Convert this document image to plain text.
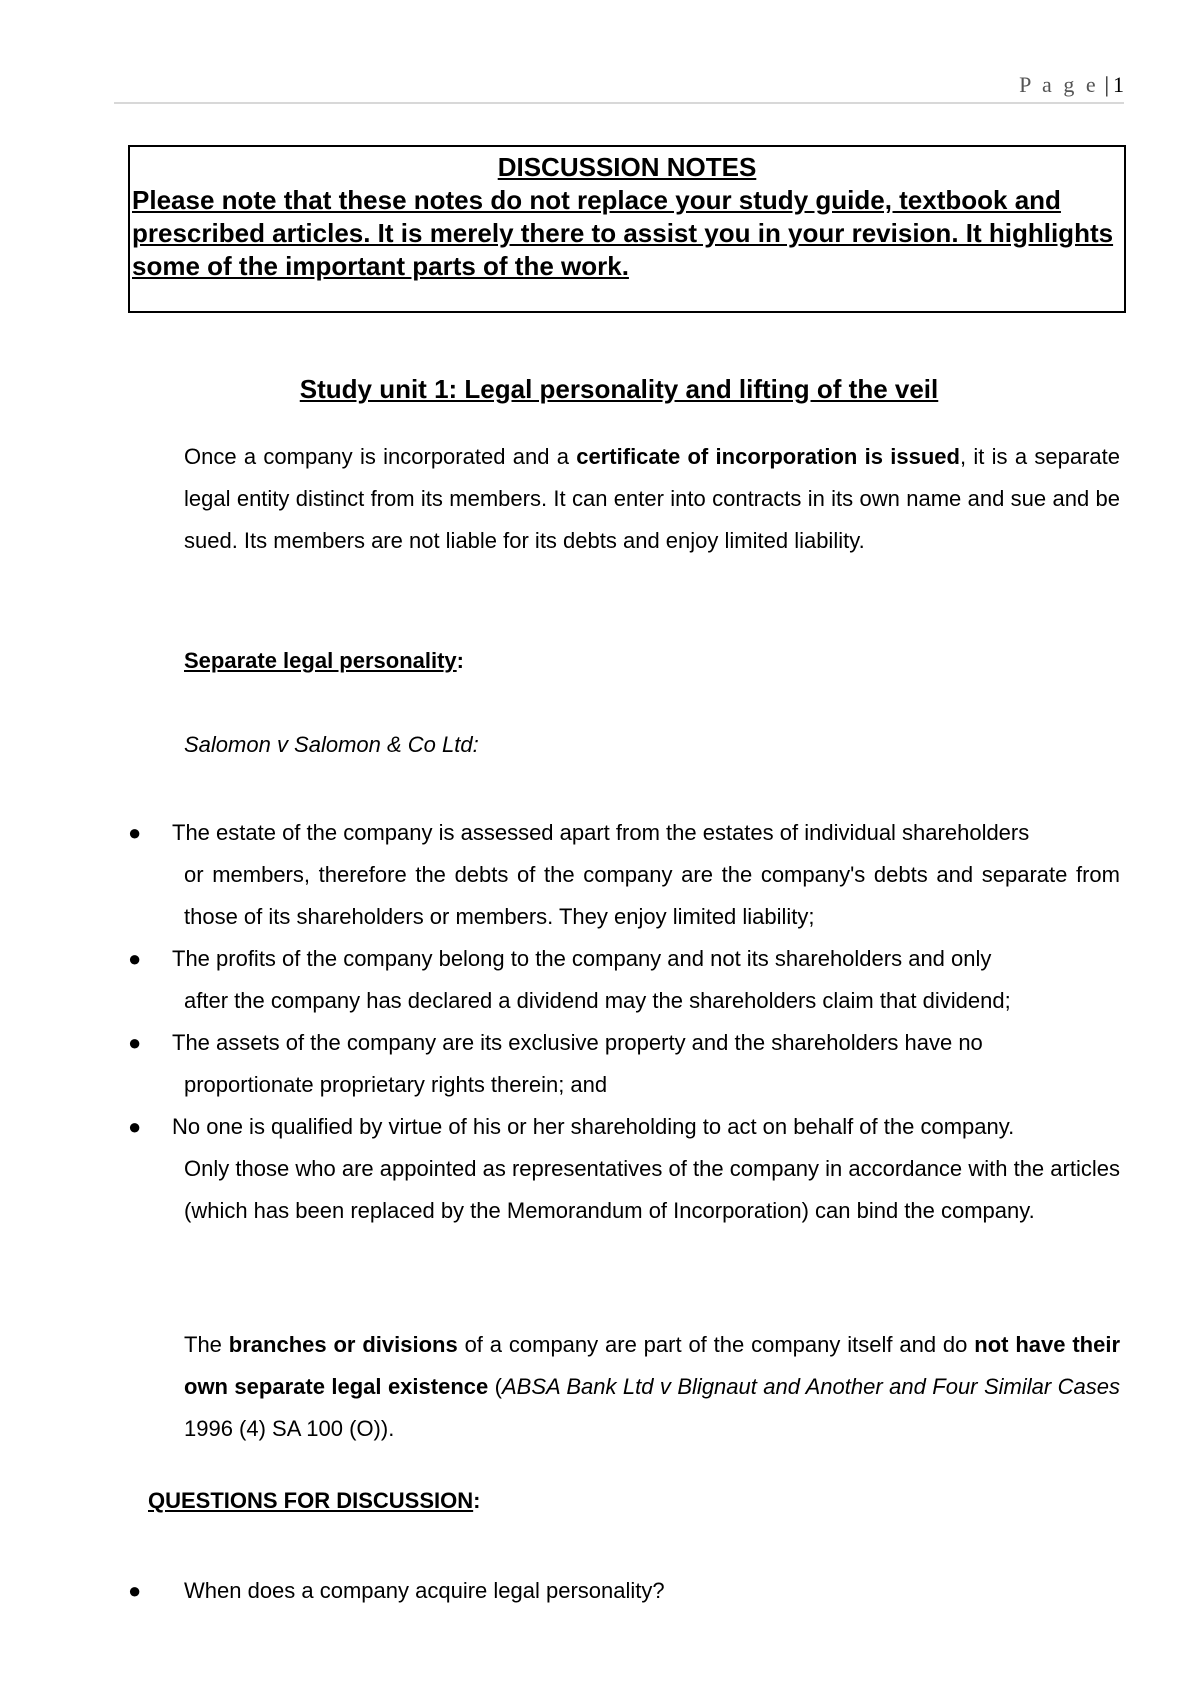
P a g e | 1
DISCUSSION NOTES
Please note that these notes do not replace your study guide, textbook and prescribed articles. It is merely there to assist you in your revision. It highlights some of the important parts of the work.
Study unit 1: Legal personality and lifting of the veil
Once a company is incorporated and a certificate of incorporation is issued, it is a separate legal entity distinct from its members. It can enter into contracts in its own name and sue and be sued. Its members are not liable for its debts and enjoy limited liability.
Separate legal personality:
Salomon v Salomon & Co Ltd:
● The estate of the company is assessed apart from the estates of individual shareholders
or members, therefore the debts of the company are the company's debts and separate from those of its shareholders or members. They enjoy limited liability;
● The profits of the company belong to the company and not its shareholders and only
after the company has declared a dividend may the shareholders claim that dividend;
● The assets of the company are its exclusive property and the shareholders have no
proportionate proprietary rights therein; and
● No one is qualified by virtue of his or her shareholding to act on behalf of the company.
Only those who are appointed as representatives of the company in accordance with the articles (which has been replaced by the Memorandum of Incorporation) can bind the company.
The branches or divisions of a company are part of the company itself and do not have their own separate legal existence (ABSA Bank Ltd v Blignaut and Another and Four Similar Cases 1996 (4) SA 100 (O)).
QUESTIONS FOR DISCUSSION:
● When does a company acquire legal personality?
